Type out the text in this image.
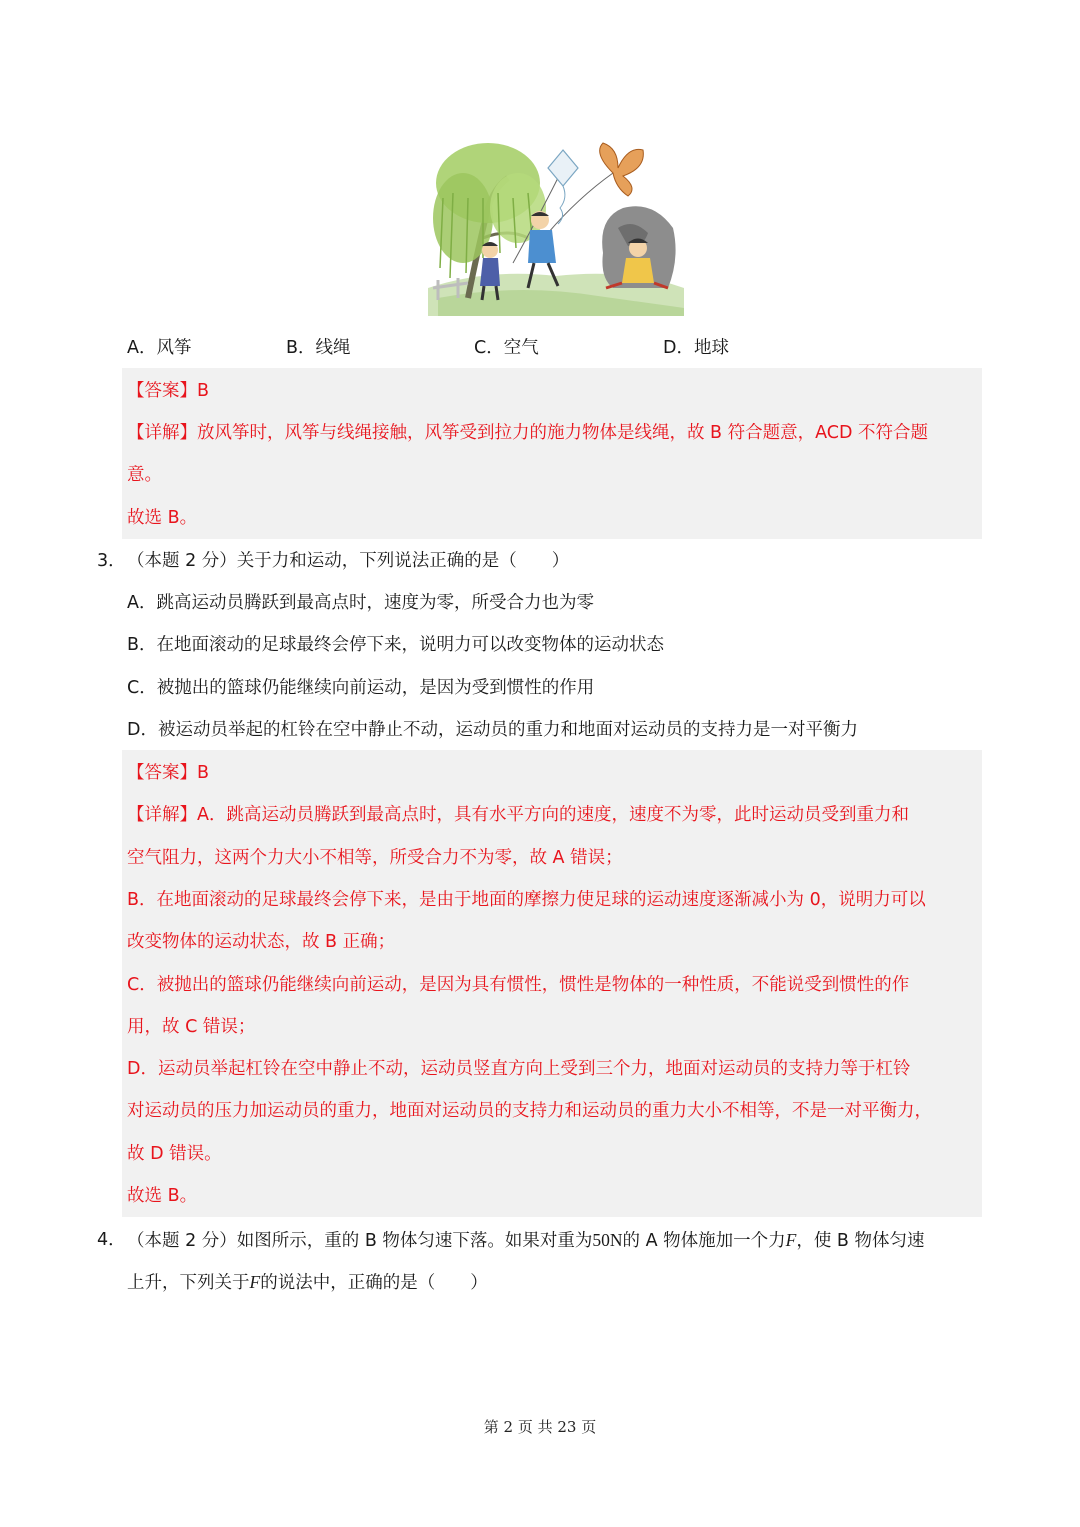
A．风筝	B．线绳	C．空气	D．地球
【答案】B
【详解】放风筝时，风筝与线绳接触，风筝受到拉力的施力物体是线绳，故 B 符合题意，ACD 不符合题
意。
故选 B。
3． （本题 2 分）关于力和运动，下列说法正确的是（　　）
A．跳高运动员腾跃到最高点时，速度为零，所受合力也为零
B．在地面滚动的足球最终会停下来，说明力可以改变物体的运动状态
C．被抛出的篮球仍能继续向前运动，是因为受到惯性的作用
D．被运动员举起的杠铃在空中静止不动，运动员的重力和地面对运动员的支持力是一对平衡力
【答案】B
【详解】A．跳高运动员腾跃到最高点时，具有水平方向的速度，速度不为零，此时运动员受到重力和
空气阻力，这两个力大小不相等，所受合力不为零，故 A 错误；
B．在地面滚动的足球最终会停下来，是由于地面的摩擦力使足球的运动速度逐渐减小为 0，说明力可以
改变物体的运动状态，故 B 正确；
C．被抛出的篮球仍能继续向前运动，是因为具有惯性，惯性是物体的一种性质，不能说受到惯性的作
用，故 C 错误；
D．运动员举起杠铃在空中静止不动，运动员竖直方向上受到三个力，地面对运动员的支持力等于杠铃
对运动员的压力加运动员的重力，地面对运动员的支持力和运动员的重力大小不相等，不是一对平衡力，
故 D 错误。
故选 B。
4． （本题 2 分）如图所示，重的 B 物体匀速下落。如果对重为50N的 A 物体施加一个力F，使 B 物体匀速
上升，下列关于F的说法中，正确的是（　　）
第 2 页 共 23 页
